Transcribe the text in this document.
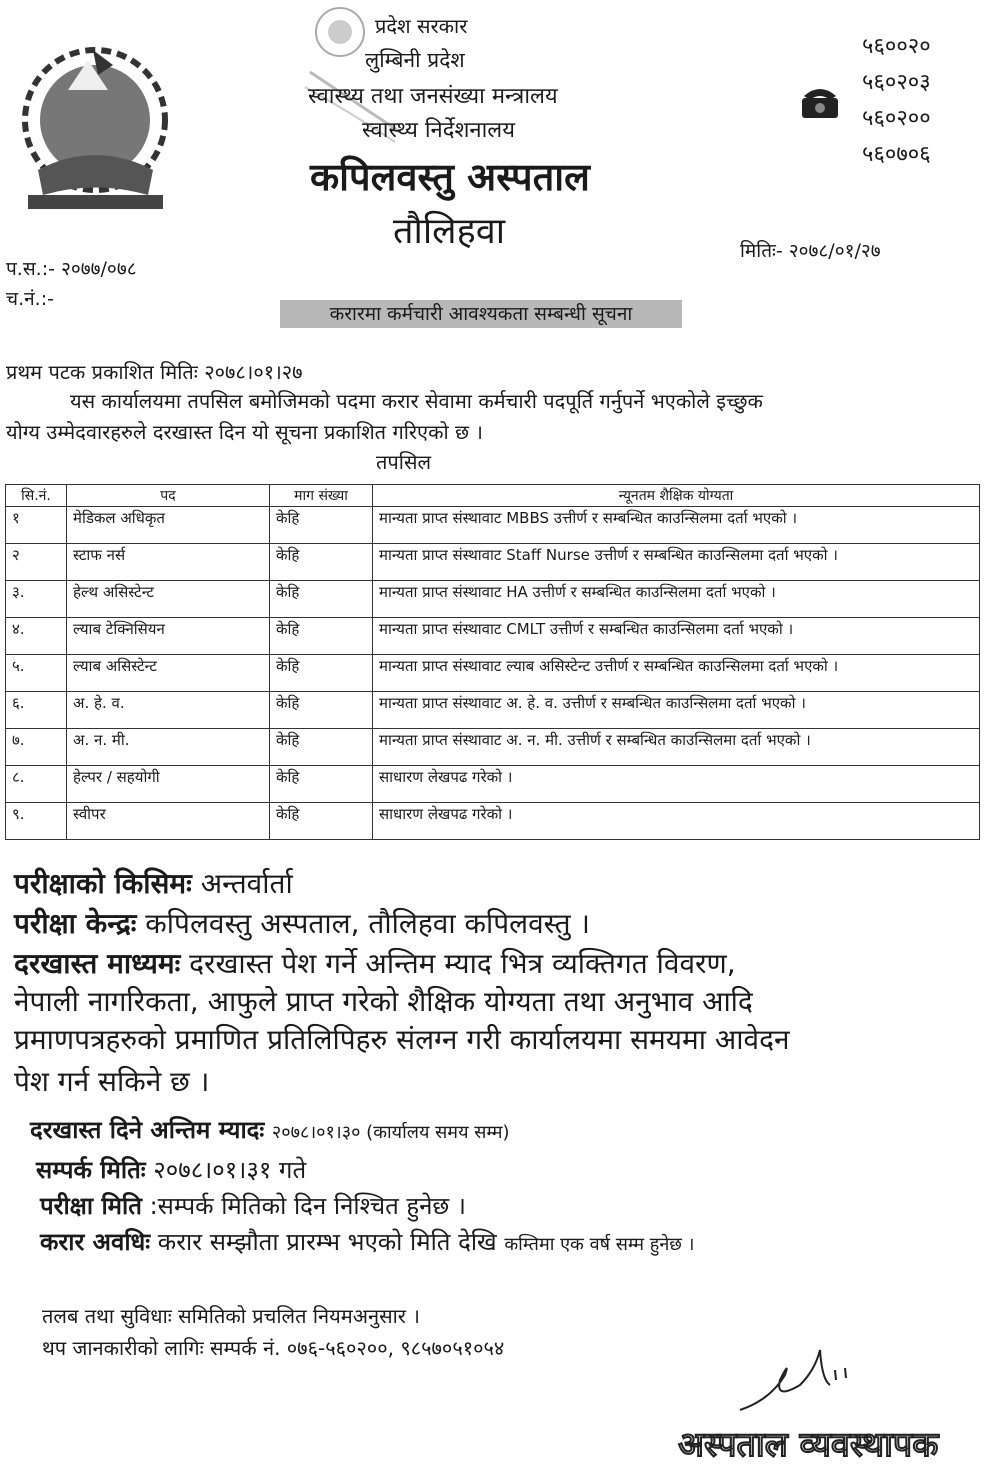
प्रदेश सरकार
लुम्बिनी प्रदेश
स्वास्थ्य तथा जनसंख्या मन्त्रालय
स्वास्थ्य निर्देशनालय
कपिलवस्तु अस्पताल
तौलिहवा
५६००२०
५६०२०३
५६०२००
५६०७०६
प.स.:- २०७७/०७८
च.नं.:-
मितिः- २०७८/०१/२७
करारमा कर्मचारी आवश्यकता सम्बन्धी सूचना
प्रथम पटक प्रकाशित मितिः २०७८।०१।२७
यस कार्यालयमा तपसिल बमोजिमको पदमा करार सेवामा कर्मचारी पदपूर्ति गर्नुपर्ने भएकोले इच्छुक
योग्य उम्मेदवारहरुले दरखास्त दिन यो सूचना प्रकाशित गरिएको छ ।
तपसिल
सि.नं.	पद	माग संख्या	न्यूनतम शैक्षिक योग्यता
१	मेडिकल अधिकृत	केहि	मान्यता प्राप्त संस्थावाट MBBS उत्तीर्ण र सम्बन्धित काउन्सिलमा दर्ता भएको ।
२	स्टाफ नर्स	केहि	मान्यता प्राप्त संस्थावाट Staff Nurse उत्तीर्ण र सम्बन्धित काउन्सिलमा दर्ता भएको ।
३.	हेल्थ असिस्टेन्ट	केहि	मान्यता प्राप्त संस्थावाट HA उत्तीर्ण र सम्बन्धित काउन्सिलमा दर्ता भएको ।
४.	ल्याब टेक्निसियन	केहि	मान्यता प्राप्त संस्थावाट CMLT उत्तीर्ण र सम्बन्धित काउन्सिलमा दर्ता भएको ।
५.	ल्याब असिस्टेन्ट	केहि	मान्यता प्राप्त संस्थावाट ल्याब असिस्टेन्ट उत्तीर्ण र सम्बन्धित काउन्सिलमा दर्ता भएको ।
६.	अ. हे. व.	केहि	मान्यता प्राप्त संस्थावाट अ. हे. व. उत्तीर्ण र सम्बन्धित काउन्सिलमा दर्ता भएको ।
७.	अ. न. मी.	केहि	मान्यता प्राप्त संस्थावाट अ. न. मी. उत्तीर्ण र सम्बन्धित काउन्सिलमा दर्ता भएको ।
८.	हेल्पर / सहयोगी	केहि	साधारण लेखपढ गरेको ।
९.	स्वीपर	केहि	साधारण लेखपढ गरेको ।
परीक्षाको किसिमः अन्तर्वार्ता
परीक्षा केन्द्रः कपिलवस्तु अस्पताल, तौलिहवा कपिलवस्तु ।
दरखास्त माध्यमः दरखास्त पेश गर्ने अन्तिम म्याद भित्र व्यक्तिगत विवरण,
नेपाली नागरिकता, आफुले प्राप्त गरेको शैक्षिक योग्यता तथा अनुभाव आदि
प्रमाणपत्रहरुको प्रमाणित प्रतिलिपिहरु संलग्न गरी कार्यालयमा समयमा आवेदन
पेश गर्न सकिने छ ।
दरखास्त दिने अन्तिम म्यादः २०७८।०१।३० (कार्यालय समय सम्म)
सम्पर्क मितिः २०७८।०१।३१ गते
परीक्षा मिति :सम्पर्क मितिको दिन निश्चित हुनेछ ।
करार अवधिः करार सम्झौता प्रारम्भ भएको मिति देखि कम्तिमा एक वर्ष सम्म हुनेछ ।
तलब तथा सुविधाः समितिको प्रचलित नियमअनुसार ।
थप जानकारीको लागिः सम्पर्क नं. ०७६-५६०२००, ९८५७०५१०५४
अस्पताल व्यवस्थापक
